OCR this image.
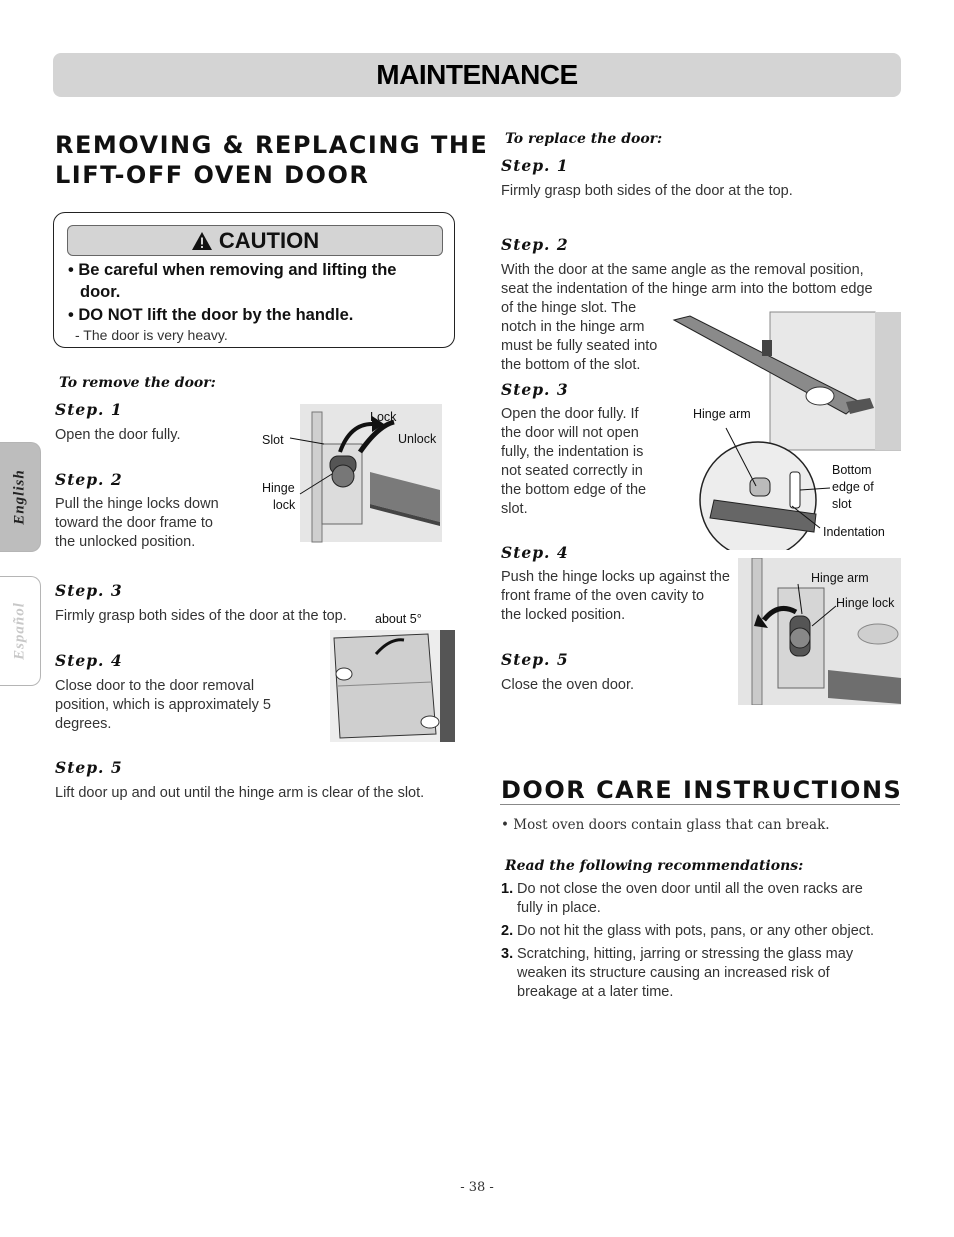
MAINTENANCE
English
Español
REMOVING & REPLACING THE
LIFT-OFF OVEN DOOR
CAUTION
• Be careful when removing and lifting the
door.
• DO NOT lift the door by the handle.
- The door is very heavy.
To remove the door:
Step. 1
Open the door fully.
Step. 2
Pull the hinge locks down
toward the door frame to
the unlocked position.
Lock
Unlock
Slot
Hinge
lock
Step. 3
Firmly grasp both sides of the door at the top. about 5°
Step. 4
Close door to the door removal
position, which is approximately 5
degrees.
Step. 5
Lift door up and out until the hinge arm is clear of the slot.
To replace the door:
Step. 1
Firmly grasp both sides of the door at the top.
Step. 2
With the door at the same angle as the removal position,
seat the indentation of the hinge arm into the bottom edge
of the hinge slot. The
notch in the hinge arm
must be fully seated into
the bottom of the slot.
Hinge arm
Bottom
edge of
slot
Indentation
Step. 3
Open the door fully. If
the door will not open
fully, the indentation is
not seated correctly in
the bottom edge of the
slot.
Step. 4
Push the hinge locks up against the
front frame of the oven cavity to
the locked position.
Hinge arm
Hinge lock
Step. 5
Close the oven door.
DOOR CARE INSTRUCTIONS
• Most oven doors contain glass that can break.
Read the following recommendations:
1. Do not close the oven door until all the oven racks are
fully in place.
2. Do not hit the glass with pots, pans, or any other object.
3. Scratching, hitting, jarring or stressing the glass may
weaken its structure causing an increased risk of
breakage at a later time.
- 38 -
